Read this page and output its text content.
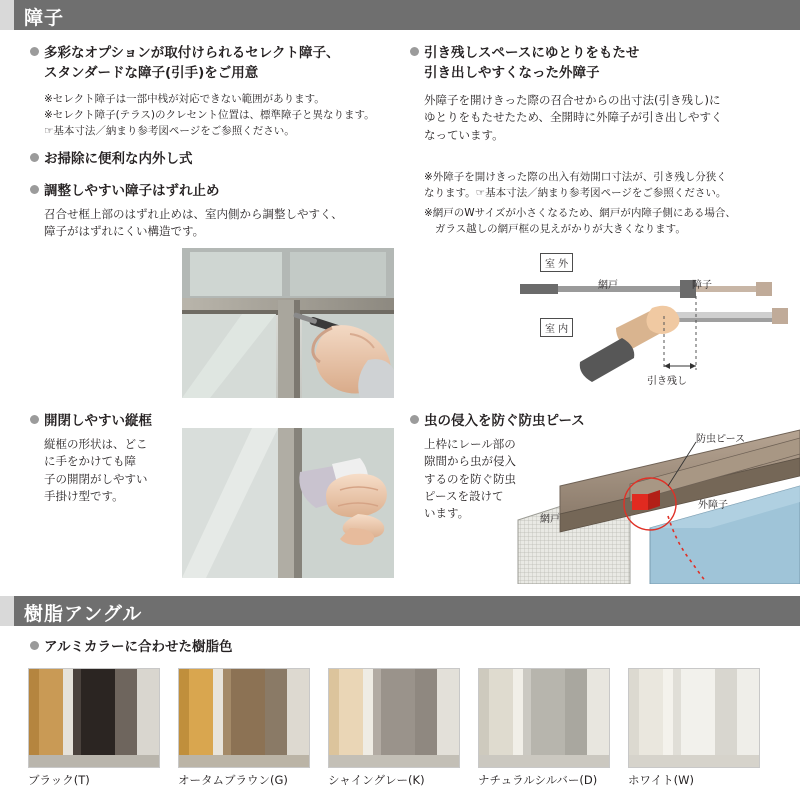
障子
多彩なオプションが取付けられるセレクト障子、
スタンダードな障子(引手)をご用意
※セレクト障子は一部中桟が対応できない範囲があります。
※セレクト障子(テラス)のクレセント位置は、標準障子と異なります。
☞基本寸法／納まり参考図ページをご参照ください。
お掃除に便利な内外し式
調整しやすい障子はずれ止め
召合せ框上部のはずれ止めは、室内側から調整しやすく、
障子がはずれにくい構造です。
開閉しやすい縦框
縦框の形状は、どこ
に手をかけても障
子の開閉がしやすい
手掛け型です。
引き残しスペースにゆとりをもたせ
引き出しやすくなった外障子
外障子を開けきった際の召合せからの出寸法(引き残し)に
ゆとりをもたせたため、全開時に外障子が引き出しやすく
なっています。
※外障子を開けきった際の出入有効開口寸法が、引き残し分狭く
なります。☞基本寸法／納まり参考図ページをご参照ください。
※網戸のWサイズが小さくなるため、網戸が内障子側にある場合、
ガラス越しの網戸框の見えがかりが大きくなります。
室 外
室 内
網戸	障子
引き残し
虫の侵入を防ぐ防虫ピース
上枠にレール部の
隙間から虫が侵入
するのを防ぐ防虫
ピースを設けて
います。
防虫ピース
網戸
外障子
樹脂アングル
アルミカラーに合わせた樹脂色
ブラック(T)	オータムブラウン(G)	シャイングレー(K)	ナチュラルシルバー(D)	ホワイト(W)
